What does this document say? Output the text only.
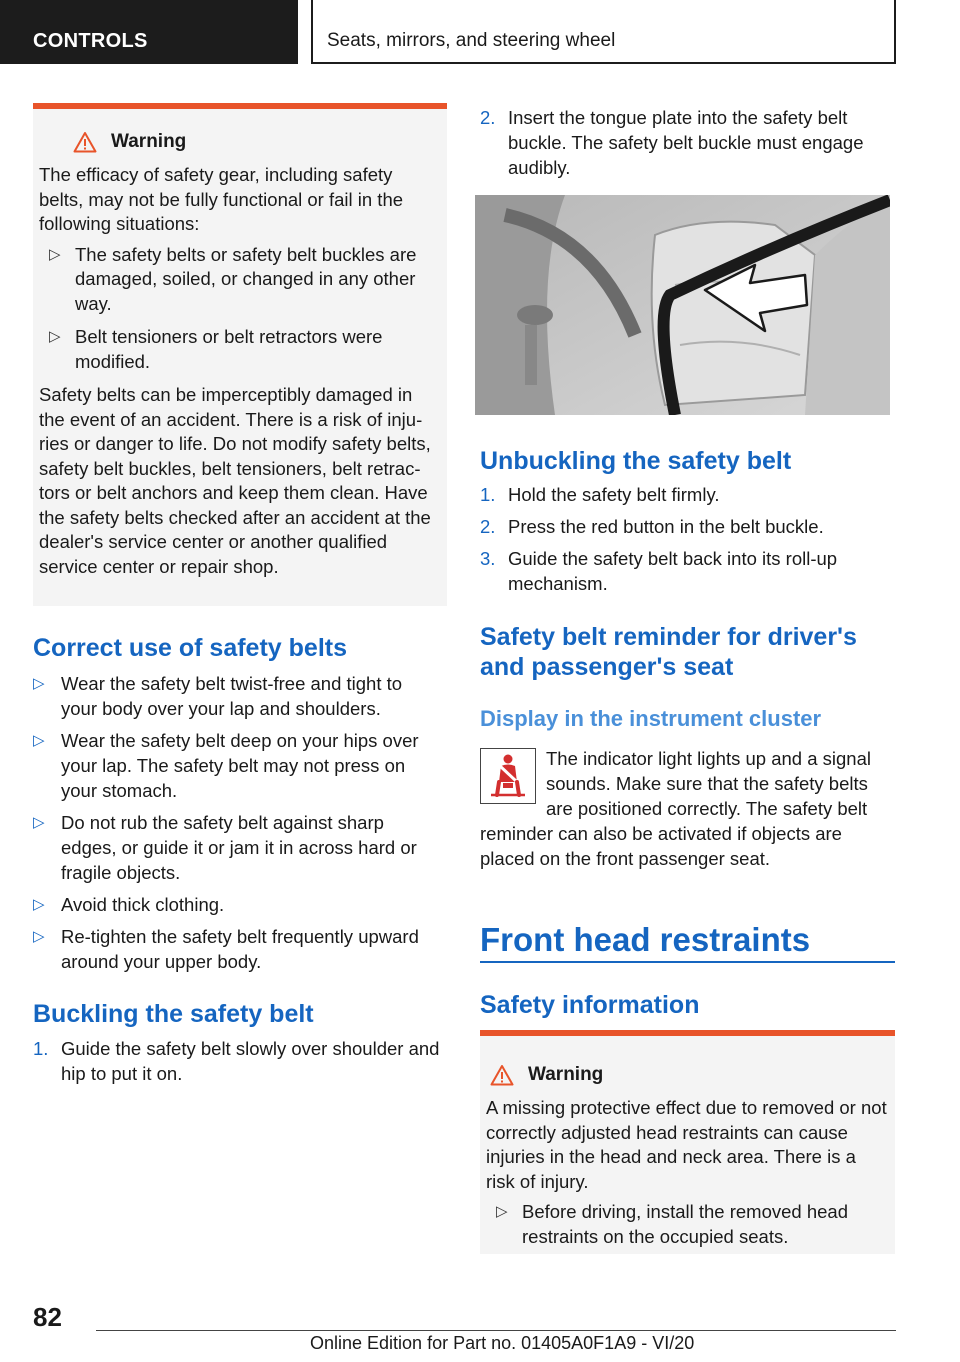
CONTROLS	Seats, mirrors, and steering wheel
Warning

The efficacy of safety gear, including safety belts, may not be fully functional or fail in the following situations:

▷ The safety belts or safety belt buckles are damaged, soiled, or changed in any other way.
▷ Belt tensioners or belt retractors were modified.

Safety belts can be imperceptibly damaged in the event of an accident. There is a risk of inju-ries or danger to life. Do not modify safety belts, safety belt buckles, belt tensioners, belt retrac-tors or belt anchors and keep them clean. Have the safety belts checked after an accident at the dealer's service center or another qualified service center or repair shop.

Correct use of safety belts
▷ Wear the safety belt twist-free and tight to your body over your lap and shoulders.
▷ Wear the safety belt deep on your hips over your lap. The safety belt may not press on your stomach.
▷ Do not rub the safety belt against sharp edges, or guide it or jam it in across hard or fragile objects.
▷ Avoid thick clothing.
▷ Re-tighten the safety belt frequently upward around your upper body.
Buckling the safety belt
1. Guide the safety belt slowly over shoulder and hip to put it on.
2. Insert the tongue plate into the safety belt buckle. The safety belt buckle must engage audibly.
Unbuckling the safety belt
1. Hold the safety belt firmly.
2. Press the red button in the belt buckle.
3. Guide the safety belt back into its roll-up mechanism.
Safety belt reminder for driver's and passenger's seat
Display in the instrument cluster
The indicator light lights up and a signal sounds. Make sure that the safety belts are positioned correctly. The safety belt reminder can also be activated if objects are placed on the front passenger seat.
Front head restraints
Safety information
Warning

A missing protective effect due to removed or not correctly adjusted head restraints can cause injuries in the head and neck area. There is a risk of injury.

▷ Before driving, install the removed head restraints on the occupied seats.
82
Online Edition for Part no. 01405A0F1A9 - VI/20
